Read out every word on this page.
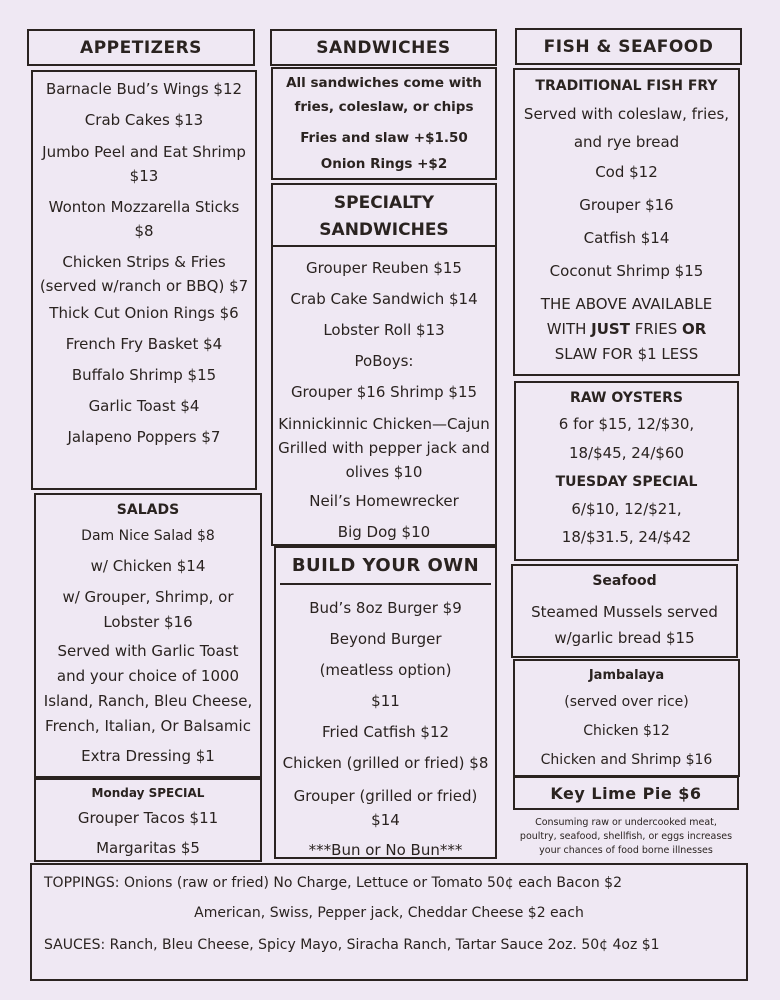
APPETIZERS
Barnacle Bud’s Wings $12
Crab Cakes $13
Jumbo Peel and Eat Shrimp
$13
Wonton Mozzarella Sticks
$8
Chicken Strips & Fries
(served w/ranch or BBQ) $7
Thick Cut Onion Rings $6
French Fry Basket $4
Buffalo Shrimp $15
Garlic Toast $4
Jalapeno Poppers $7
SALADS
Dam Nice Salad $8
w/ Chicken $14
w/ Grouper, Shrimp, or
Lobster $16
Served with Garlic Toast
and your choice of 1000
Island, Ranch, Bleu Cheese,
French, Italian, Or Balsamic
Extra Dressing $1
Monday SPECIAL
Grouper Tacos $11
Margaritas $5
SANDWICHES
All sandwiches come with
fries, coleslaw, or chips
Fries and slaw +$1.50
Onion Rings +$2
SPECIALTY
SANDWICHES
Grouper Reuben $15
Crab Cake Sandwich $14
Lobster Roll $13
PoBoys:
Grouper $16 Shrimp $15
Kinnickinnic Chicken—Cajun
Grilled with pepper jack and
olives $10
Neil’s Homewrecker
Big Dog $10
BUILD YOUR OWN
Bud’s 8oz Burger $9
Beyond Burger
(meatless option)
$11
Fried Catfish $12
Chicken (grilled or fried) $8
Grouper (grilled or fried)
$14
***Bun or No Bun***
FISH & SEAFOOD
TRADITIONAL FISH FRY
Served with coleslaw, fries,
and rye bread
Cod $12
Grouper $16
Catfish $14
Coconut Shrimp $15
THE ABOVE AVAILABLE
WITH JUST FRIES OR
SLAW FOR $1 LESS
RAW OYSTERS
6 for $15, 12/$30,
18/$45, 24/$60
TUESDAY SPECIAL
6/$10, 12/$21,
18/$31.5, 24/$42
Seafood
Steamed Mussels served
w/garlic bread $15
Jambalaya
(served over rice)
Chicken $12
Chicken and Shrimp $16
Key Lime Pie $6
Consuming raw or undercooked meat,
poultry, seafood, shellfish, or eggs increases
your chances of food borne illnesses
TOPPINGS: Onions (raw or fried) No Charge, Lettuce or Tomato 50¢ each Bacon $2
American, Swiss, Pepper jack, Cheddar Cheese $2 each
SAUCES: Ranch, Bleu Cheese, Spicy Mayo, Siracha Ranch, Tartar Sauce 2oz. 50¢ 4oz $1
